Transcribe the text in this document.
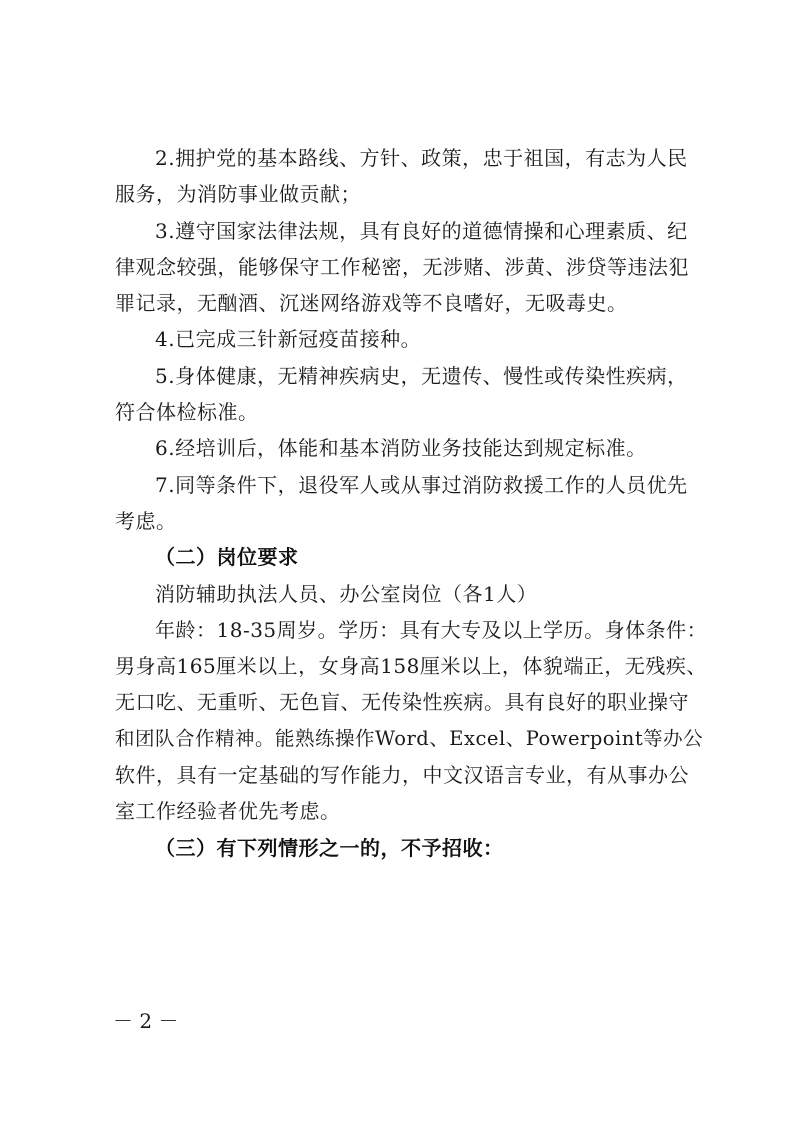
2.拥护党的基本路线、方针、政策，忠于祖国，有志为人民
服务，为消防事业做贡献；
3.遵守国家法律法规，具有良好的道德情操和心理素质、纪
律观念较强，能够保守工作秘密，无涉赌、涉黄、涉贷等违法犯
罪记录，无酗酒、沉迷网络游戏等不良嗜好，无吸毒史。
4.已完成三针新冠疫苗接种。
5.身体健康，无精神疾病史，无遗传、慢性或传染性疾病，
符合体检标准。
6.经培训后，体能和基本消防业务技能达到规定标准。
7.同等条件下，退役军人或从事过消防救援工作的人员优先
考虑。
（二）岗位要求
消防辅助执法人员、办公室岗位（各1人）
年龄：18-35周岁。学历：具有大专及以上学历。身体条件：
男身高165厘米以上，女身高158厘米以上，体貌端正，无残疾、
无口吃、无重听、无色盲、无传染性疾病。具有良好的职业操守
和团队合作精神。能熟练操作Word、Excel、Powerpoint等办公
软件，具有一定基础的写作能力，中文汉语言专业，有从事办公
室工作经验者优先考虑。
（三）有下列情形之一的，不予招收：
－ 2 －
